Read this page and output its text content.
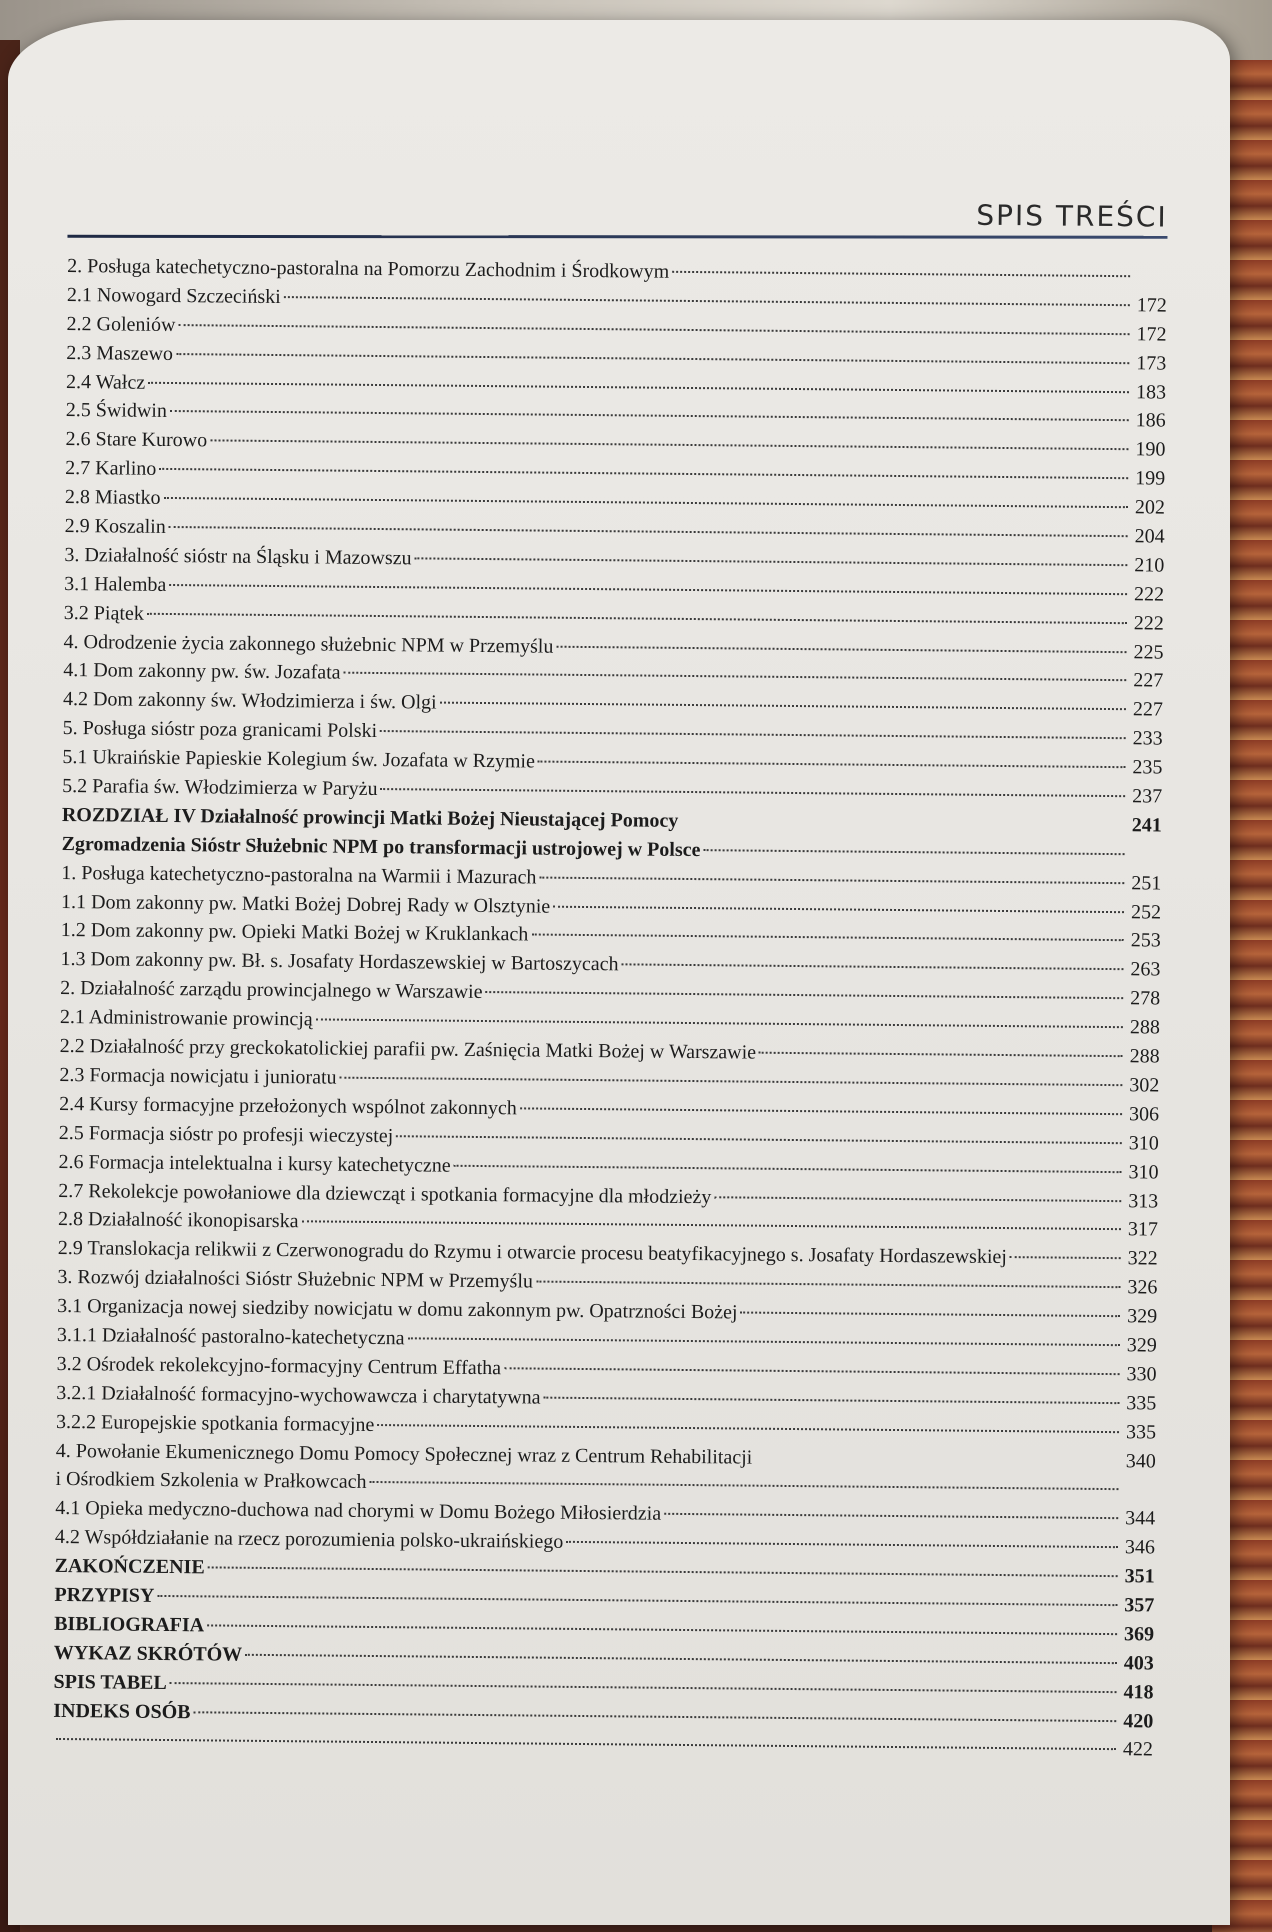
SPIS TREŚCI
2. Posługa katechetyczno-pastoralna na Pomorzu Zachodnim i Środkowym
2.1 Nowogard Szczeciński	172
2.2 Goleniów	172
2.3 Maszewo	173
2.4 Wałcz	183
2.5 Świdwin	186
2.6 Stare Kurowo	190
2.7 Karlino	199
2.8 Miastko	202
2.9 Koszalin	204
3. Działalność sióstr na Śląsku i Mazowszu	210
3.1 Halemba	222
3.2 Piątek	222
4. Odrodzenie życia zakonnego służebnic NPM w Przemyślu	225
4.1 Dom zakonny pw. św. Jozafata	227
4.2 Dom zakonny św. Włodzimierza i św. Olgi	227
5. Posługa sióstr poza granicami Polski	233
5.1 Ukraińskie Papieskie Kolegium św. Jozafata w Rzymie	235
5.2 Parafia św. Włodzimierza w Paryżu	237
ROZDZIAŁ IV Działalność prowincji Matki Bożej Nieustającej Pomocy	241
Zgromadzenia Sióstr Służebnic NPM po transformacji ustrojowej w Polsce
1. Posługa katechetyczno-pastoralna na Warmii i Mazurach	251
1.1 Dom zakonny pw. Matki Bożej Dobrej Rady w Olsztynie	252
1.2 Dom zakonny pw. Opieki Matki Bożej w Kruklankach	253
1.3 Dom zakonny pw. Bł. s. Josafaty Hordaszewskiej w Bartoszycach	263
2. Działalność zarządu prowincjalnego w Warszawie	278
2.1 Administrowanie prowincją	288
2.2 Działalność przy greckokatolickiej parafii pw. Zaśnięcia Matki Bożej w Warszawie	288
2.3 Formacja nowicjatu i junioratu	302
2.4 Kursy formacyjne przełożonych wspólnot zakonnych	306
2.5 Formacja sióstr po profesji wieczystej	310
2.6 Formacja intelektualna i kursy katechetyczne	310
2.7 Rekolekcje powołaniowe dla dziewcząt i spotkania formacyjne dla młodzieży	313
2.8 Działalność ikonopisarska	317
2.9 Translokacja relikwii z Czerwonogradu do Rzymu i otwarcie procesu beatyfikacyjnego s. Josafaty Hordaszewskiej	322
3. Rozwój działalności Sióstr Służebnic NPM w Przemyślu	326
3.1 Organizacja nowej siedziby nowicjatu w domu zakonnym pw. Opatrzności Bożej	329
3.1.1 Działalność pastoralno-katechetyczna	329
3.2 Ośrodek rekolekcyjno-formacyjny Centrum Effatha	330
3.2.1 Działalność formacyjno-wychowawcza i charytatywna	335
3.2.2 Europejskie spotkania formacyjne	335
4. Powołanie Ekumenicznego Domu Pomocy Społecznej wraz z Centrum Rehabilitacji	340
i Ośrodkiem Szkolenia w Prałkowcach
4.1 Opieka medyczno-duchowa nad chorymi w Domu Bożego Miłosierdzia	344
4.2 Współdziałanie na rzecz porozumienia polsko-ukraińskiego	346
ZAKOŃCZENIE	351
PRZYPISY	357
BIBLIOGRAFIA	369
WYKAZ SKRÓTÓW	403
SPIS TABEL	418
INDEKS OSÓB	420
422
